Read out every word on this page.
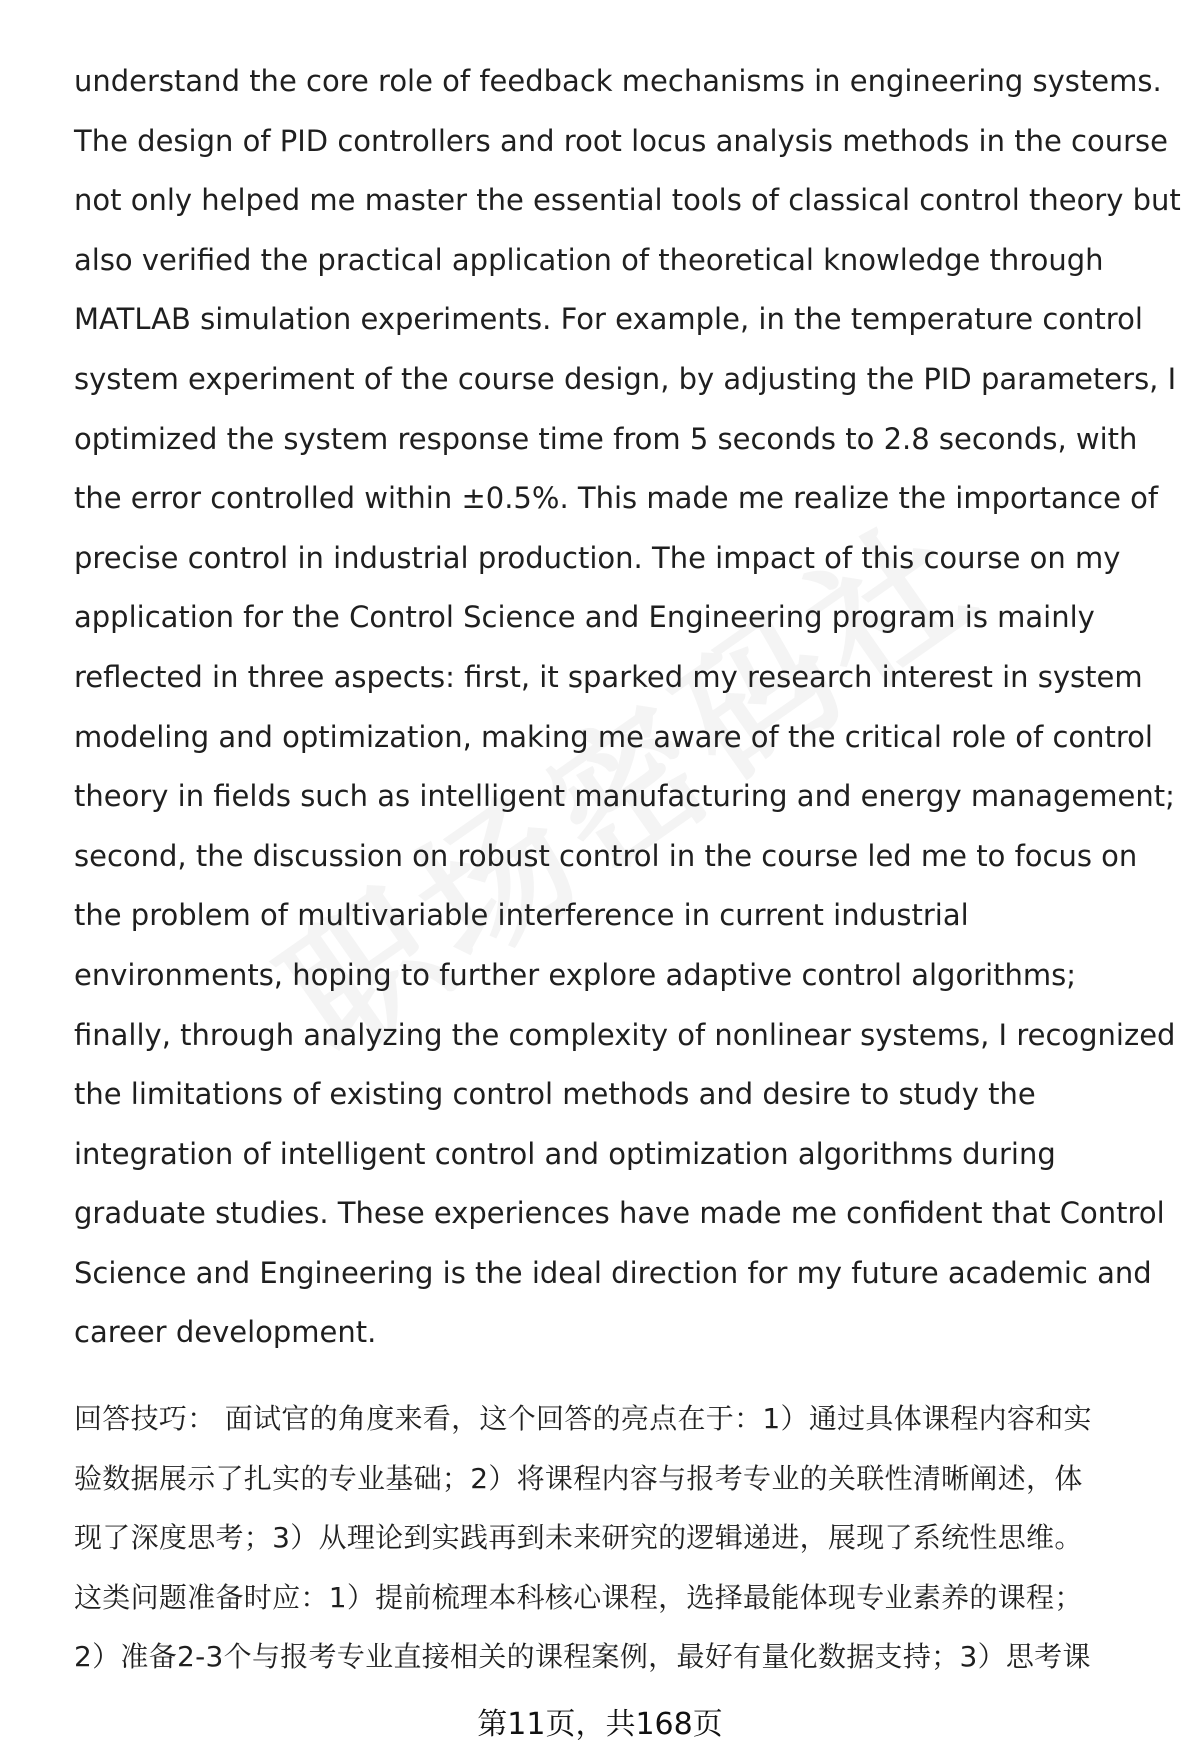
understand the core role of feedback mechanisms in engineering systems.
The design of PID controllers and root locus analysis methods in the course
not only helped me master the essential tools of classical control theory but
also verified the practical application of theoretical knowledge through
MATLAB simulation experiments. For example, in the temperature control
system experiment of the course design, by adjusting the PID parameters, I
optimized the system response time from 5 seconds to 2.8 seconds, with
the error controlled within ±0.5%. This made me realize the importance of
precise control in industrial production. The impact of this course on my
application for the Control Science and Engineering program is mainly
reflected in three aspects: first, it sparked my research interest in system
modeling and optimization, making me aware of the critical role of control
theory in fields such as intelligent manufacturing and energy management;
second, the discussion on robust control in the course led me to focus on
the problem of multivariable interference in current industrial
environments, hoping to further explore adaptive control algorithms;
finally, through analyzing the complexity of nonlinear systems, I recognized
the limitations of existing control methods and desire to study the
integration of intelligent control and optimization algorithms during
graduate studies. These experiences have made me confident that Control
Science and Engineering is the ideal direction for my future academic and
career development.
回答技巧： 面试官的角度来看，这个回答的亮点在于：1）通过具体课程内容和实
验数据展示了扎实的专业基础；2）将课程内容与报考专业的关联性清晰阐述，体
现了深度思考；3）从理论到实践再到未来研究的逻辑递进，展现了系统性思维。
这类问题准备时应：1）提前梳理本科核心课程，选择最能体现专业素养的课程；
2）准备2-3个与报考专业直接相关的课程案例，最好有量化数据支持；3）思考课
第11页，共168页
